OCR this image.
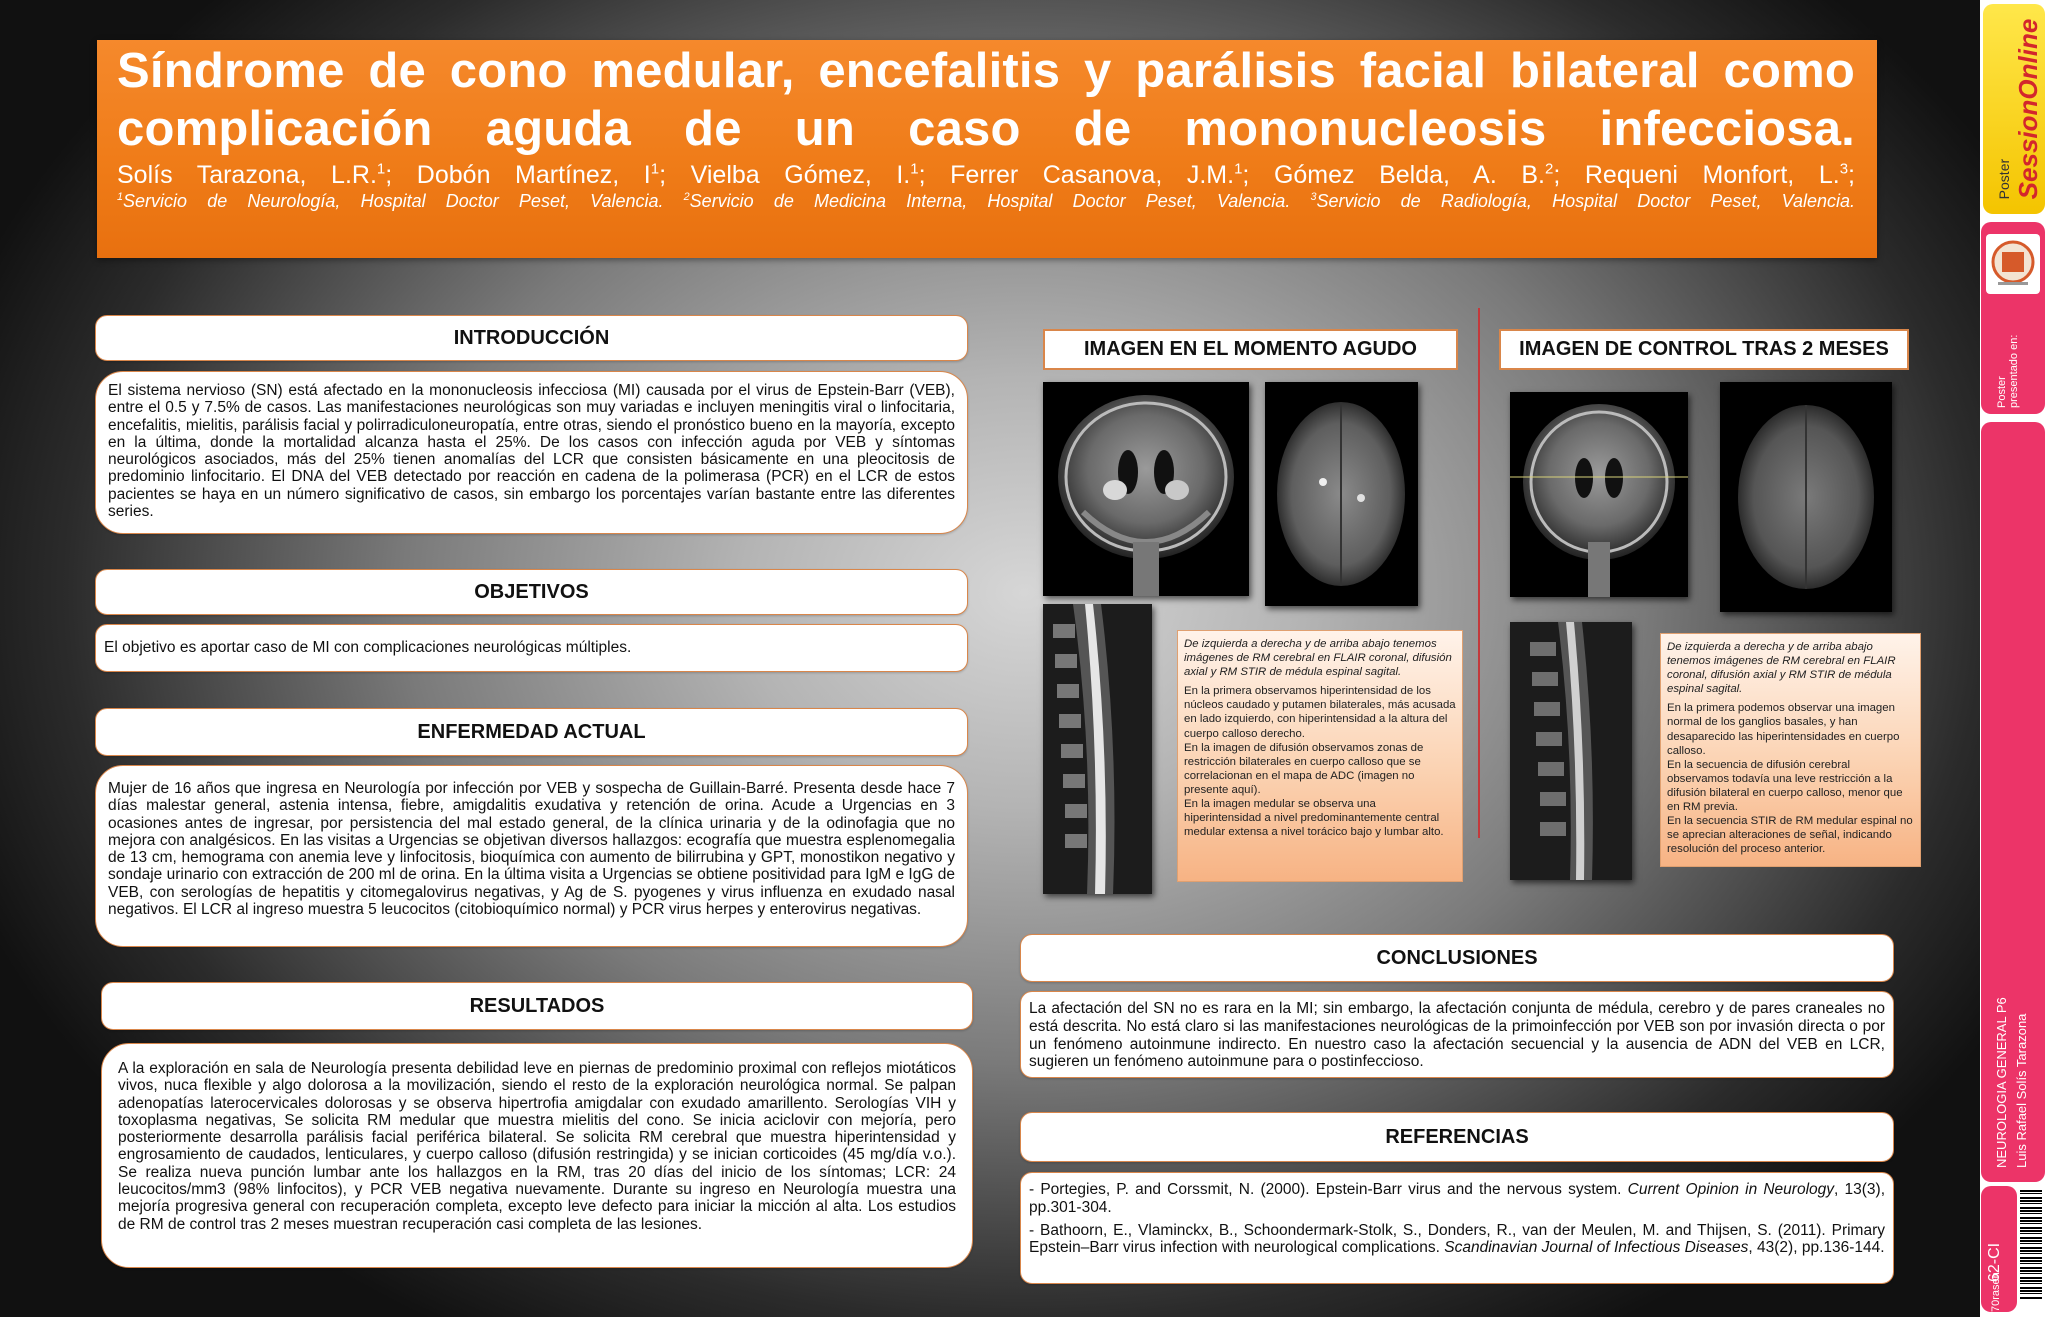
Síndrome de cono medular, encefalitis y parálisis facial bilateral como complicación aguda de un caso de mononucleosis infecciosa.
Solís Tarazona, L.R.$^1$; Dobón Martínez, $I^1$; Vielba Gómez, I.$^1$; Ferrer Casanova, J.M.$^1$; Gómez Belda, A. B.$^2$; Requeni Monfort, L.$^3$;
$^1$Servicio de Neurología, Hospital Doctor Peset, Valencia. $^2$Servicio de Medicina Interna, Hospital Doctor Peset, Valencia. $^3$Servicio de Radiología, Hospital Doctor Peset, Valencia.
INTRODUCCIÓN
El sistema nervioso (SN) está afectado en la mononucleosis infecciosa (MI) causada por el virus de Epstein-Barr (VEB), entre el 0.5 y 7.5% de casos. Las manifestaciones neurológicas son muy variadas e incluyen meningitis viral o linfocitaria, encefalitis, mielitis, parálisis facial y polirradiculoneuropatía, entre otras, siendo el pronóstico bueno en la mayoría, excepto en la última, donde la mortalidad alcanza hasta el 25%. De los casos con infección aguda por VEB y síntomas neurológicos asociados, más del 25% tienen anomalías del LCR que consisten básicamente en una pleocitosis de predominio linfocitario. El DNA del VEB detectado por reacción en cadena de la polimerasa (PCR) en el LCR de estos pacientes se haya en un número significativo de casos, sin embargo los porcentajes varían bastante entre las diferentes series.
OBJETIVOS
El objetivo es aportar caso de MI con complicaciones neurológicas múltiples.
ENFERMEDAD ACTUAL
Mujer de 16 años que ingresa en Neurología por infección por VEB y sospecha de Guillain-Barré. Presenta desde hace 7 días malestar general, astenia intensa, fiebre, amigdalitis exudativa y retención de orina. Acude a Urgencias en 3 ocasiones antes de ingresar, por persistencia del mal estado general, de la clínica urinaria y de la odinofagia que no mejora con analgésicos. En las visitas a Urgencias se objetivan diversos hallazgos: ecografía que muestra esplenomegalia de 13 cm, hemograma con anemia leve y linfocitosis, bioquímica con aumento de bilirrubina y GPT, monostikon negativo y sondaje urinario con extracción de 200 ml de orina. En la última visita a Urgencias se obtiene positividad para IgM e IgG de VEB, con serologías de hepatitis y citomegalovirus negativas, y Ag de S. pyogenes y virus influenza en exudado nasal negativos. El LCR al ingreso muestra 5 leucocitos (citobioquímico normal) y PCR virus herpes y enterovirus negativas.
RESULTADOS
A la exploración en sala de Neurología presenta debilidad leve en piernas de predominio proximal con reflejos miotáticos vivos, nuca flexible y algo dolorosa a la movilización, siendo el resto de la exploración neurológica normal. Se palpan adenopatías laterocervicales dolorosas y se observa hipertrofia amigdalar con exudado amarillento. Serologías VIH y toxoplasma negativas, Se solicita RM medular que muestra mielitis del cono. Se inicia aciclovir con mejoría, pero posteriormente desarrolla parálisis facial periférica bilateral. Se solicita RM cerebral que muestra hiperintensidad y engrosamiento de caudados, lenticulares, y cuerpo calloso (difusión restringida) y se inician corticoides (45 mg/día v.o.). Se realiza nueva punción lumbar ante los hallazgos en la RM, tras 20 días del inicio de los síntomas; LCR: 24 leucocitos/mm3 (98% linfocitos), y PCR VEB negativa nuevamente. Durante su ingreso en Neurología muestra una mejoría progresiva general con recuperación completa, excepto leve defecto para iniciar la micción al alta. Los estudios de RM de control tras 2 meses muestran recuperación casi completa de las lesiones.
IMAGEN EN EL MOMENTO AGUDO
De izquierda a derecha y de arriba abajo tenemos imágenes de RM cerebral en FLAIR coronal, difusión axial y RM STIR de médula espinal sagital.
En la primera observamos hiperintensidad de los núcleos caudado y putamen bilaterales, más acusada en lado izquierdo, con hiperintensidad a la altura del cuerpo calloso derecho.
En la imagen de difusión observamos zonas de restricción bilaterales en cuerpo calloso que se correlacionan en el mapa de ADC (imagen no presente aquí).
En la imagen medular se observa una hiperintensidad a nivel predominantemente central medular extensa a nivel torácico bajo y lumbar alto.
IMAGEN DE CONTROL TRAS 2 MESES
De izquierda a derecha y de arriba abajo tenemos imágenes de RM cerebral en FLAIR coronal, difusión axial y RM STIR de médula espinal sagital.
En la primera podemos observar una imagen normal de los ganglios basales, y han desaparecido las hiperintensidades en cuerpo calloso.
En la secuencia de difusión cerebral observamos todavía una leve restricción a la difusión bilateral en cuerpo calloso, menor que en RM previa.
En la secuencia STIR de RM medular espinal no se aprecian alteraciones de señal, indicando resolución del proceso anterior.
CONCLUSIONES
La afectación del SN no es rara en la MI; sin embargo, la afectación conjunta de médula, cerebro y de pares craneales no está descrita. No está claro si las manifestaciones neurológicas de la primoinfección por VEB son por invasión directa o por un fenómeno autoinmune indirecto. En nuestro caso la afectación secuencial y la ausencia de ADN del VEB en LCR, sugieren un fenómeno autoinmune para o postinfeccioso.
REFERENCIAS
- Portegies, P. and Corssmit, N. (2000). Epstein-Barr virus and the nervous system. Current Opinion in Neurology, 13(3), pp.301-304.
- Bathoorn, E., Vlaminckx, B., Schoondermark-Stolk, S., Donders, R., van der Meulen, M. and Thijsen, S. (2011). Primary Epstein–Barr virus infection with neurological complications. Scandinavian Journal of Infectious Diseases, 43(2), pp.136-144.
Poster
SessionOnline
Poster presentado en:
NEUROLOGIA GENERAL P6 Luis Rafael Solís Tarazona
62-CI
70rasen
